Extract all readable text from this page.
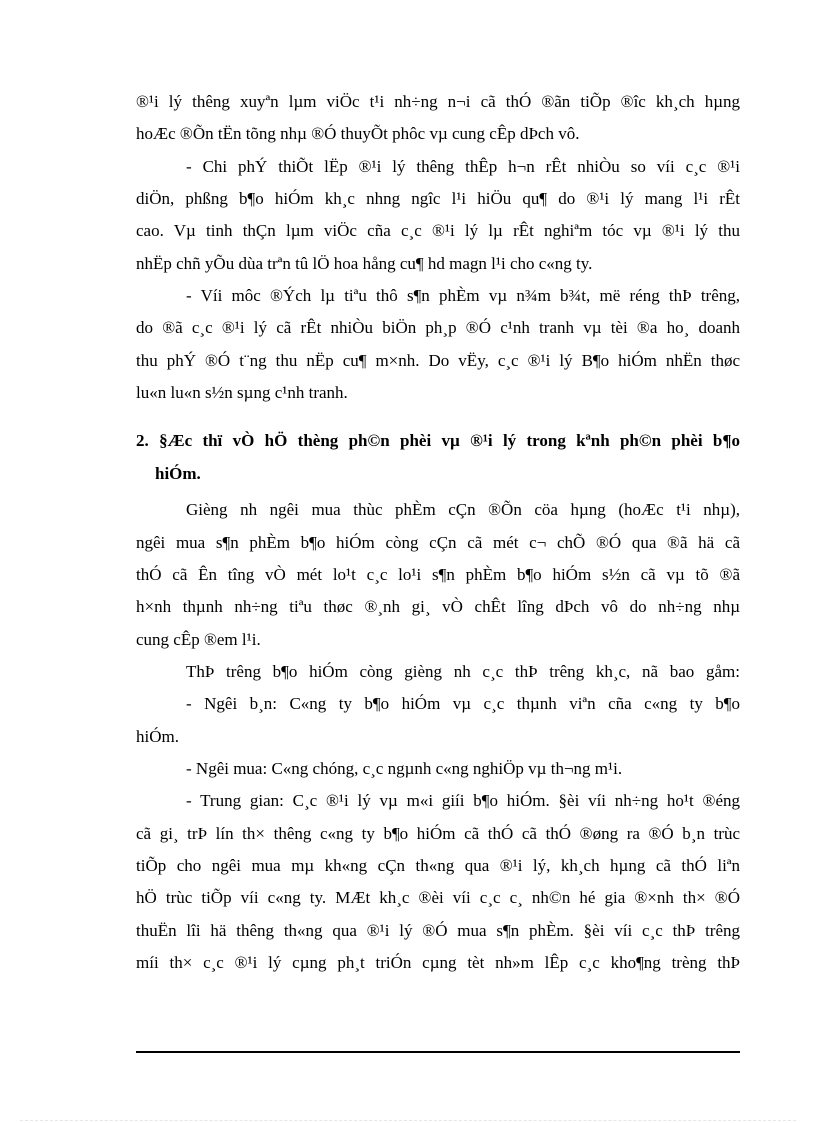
®¹i lý thêng xuyªn lµm viÖc t¹i nh÷ng n¬i cã thÓ ®ãn tiÕp ®îc kh¸ch hµng
hoÆc ®Õn tËn tõng nhµ ®Ó thuyÕt phôc vµ cung cÊp dÞch vô.
- Chi phÝ thiÕt lËp ®¹i lý thêng thÊp h¬n rÊt nhiÒu so víi c¸c ®¹i
diÖn, phßng b¶o hiÓm kh¸c nhng ngîc l¹i hiÖu qu¶ do ®¹i lý mang l¹i rÊt
cao. Vµ tinh thÇn lµm viÖc cña c¸c ®¹i lý lµ rÊt nghiªm tóc vµ ®¹i lý thu
nhËp chñ yÕu dùa trªn tû lÖ hoa hång cu¶ hd magn l¹i cho c«ng ty.
- Víi môc ®Ých lµ tiªu thô s¶n phÈm vµ n¾m b¾t, më réng thÞ trêng,
do ®ã c¸c ®¹i lý cã rÊt nhiÒu biÖn ph¸p ®Ó c¹nh tranh vµ tèi ®a ho¸ doanh
thu phÝ ®Ó t¨ng thu nËp cu¶ m×nh. Do vËy, c¸c ®¹i lý B¶o hiÓm nhËn thøc
lu«n lu«n s½n sµng c¹nh tranh.
2. §Æc thï vÒ hÖ thèng ph©n phèi vµ ®¹i lý trong kªnh ph©n phèi b¶o
hiÓm.
Gièng nh ngêi mua thùc phÈm cÇn ®Õn cöa hµng (hoÆc t¹i nhµ),
ngêi mua s¶n phÈm b¶o hiÓm còng cÇn cã mét c¬ chÕ ®Ó qua ®ã hä cã
thÓ cã Ên tîng vÒ mét lo¹t c¸c lo¹i s¶n phÈm b¶o hiÓm s½n cã vµ tõ ®ã
h×nh thµnh nh÷ng tiªu thøc ®¸nh gi¸ vÒ chÊt lîng dÞch vô do nh÷ng nhµ
cung cÊp ®em l¹i.
ThÞ trêng b¶o hiÓm còng gièng nh c¸c thÞ trêng kh¸c, nã bao gåm:
- Ngêi b¸n: C«ng ty b¶o hiÓm vµ c¸c thµnh viªn cña c«ng ty b¶o
hiÓm.
- Ngêi mua: C«ng chóng, c¸c ngµnh c«ng nghiÖp vµ th¬ng m¹i.
- Trung gian: C¸c ®¹i lý vµ m«i giíi b¶o hiÓm. §èi víi nh÷ng ho¹t ®éng
cã gi¸ trÞ lín th× thêng c«ng ty b¶o hiÓm cã thÓ cã thÓ ®øng ra ®Ó b¸n trùc
tiÕp cho ngêi mua mµ kh«ng cÇn th«ng qua ®¹i lý, kh¸ch hµng cã thÓ liªn
hÖ trùc tiÕp víi c«ng ty. MÆt kh¸c ®èi víi c¸c c¸ nh©n hé gia ®×nh th× ®Ó
thuËn lîi hä thêng th«ng qua ®¹i lý ®Ó mua s¶n phÈm. §èi víi c¸c thÞ trêng
míi th× c¸c ®¹i lý cµng ph¸t triÓn cµng tèt nh»m lÊp c¸c kho¶ng trèng thÞ
